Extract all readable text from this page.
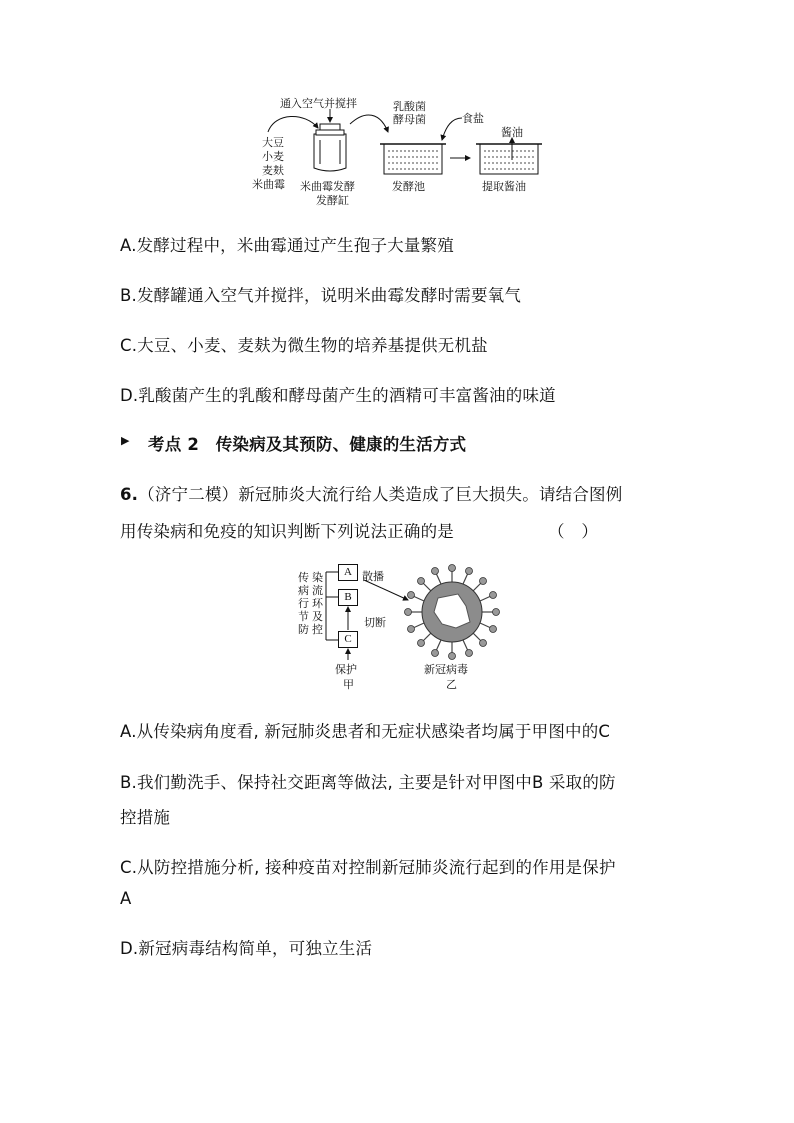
通入空气并搅拌	乳酸菌
酵母菌	食盐
酱油
大豆
小麦
麦麸
米曲霉 米曲霉发酵
发酵缸
发酵池	提取酱油
A.发酵过程中，米曲霉通过产生孢子大量繁殖
B.发酵罐通入空气并搅拌，说明米曲霉发酵时需要氧气
C.大豆、小麦、麦麸为微生物的培养基提供无机盐
D.乳酸菌产生的乳酸和酵母菌产生的酒精可丰富酱油的味道
▶ 考点 2　传染病及其预防、健康的生活方式
6.（济宁二模）新冠肺炎大流行给人类造成了巨大损失。请结合图例
用传染病和免疫的知识判断下列说法正确的是	（　）
传
病
行
节
防
染
流
环
及
控
A
B
C
散播
切断
保护
甲
新冠病毒
乙
A.从传染病角度看, 新冠肺炎患者和无症状感染者均属于甲图中的C
B.我们勤洗手、保持社交距离等做法, 主要是针对甲图中B 采取的防
控措施
C.从防控措施分析, 接种疫苗对控制新冠肺炎流行起到的作用是保护
A
D.新冠病毒结构简单，可独立生活
